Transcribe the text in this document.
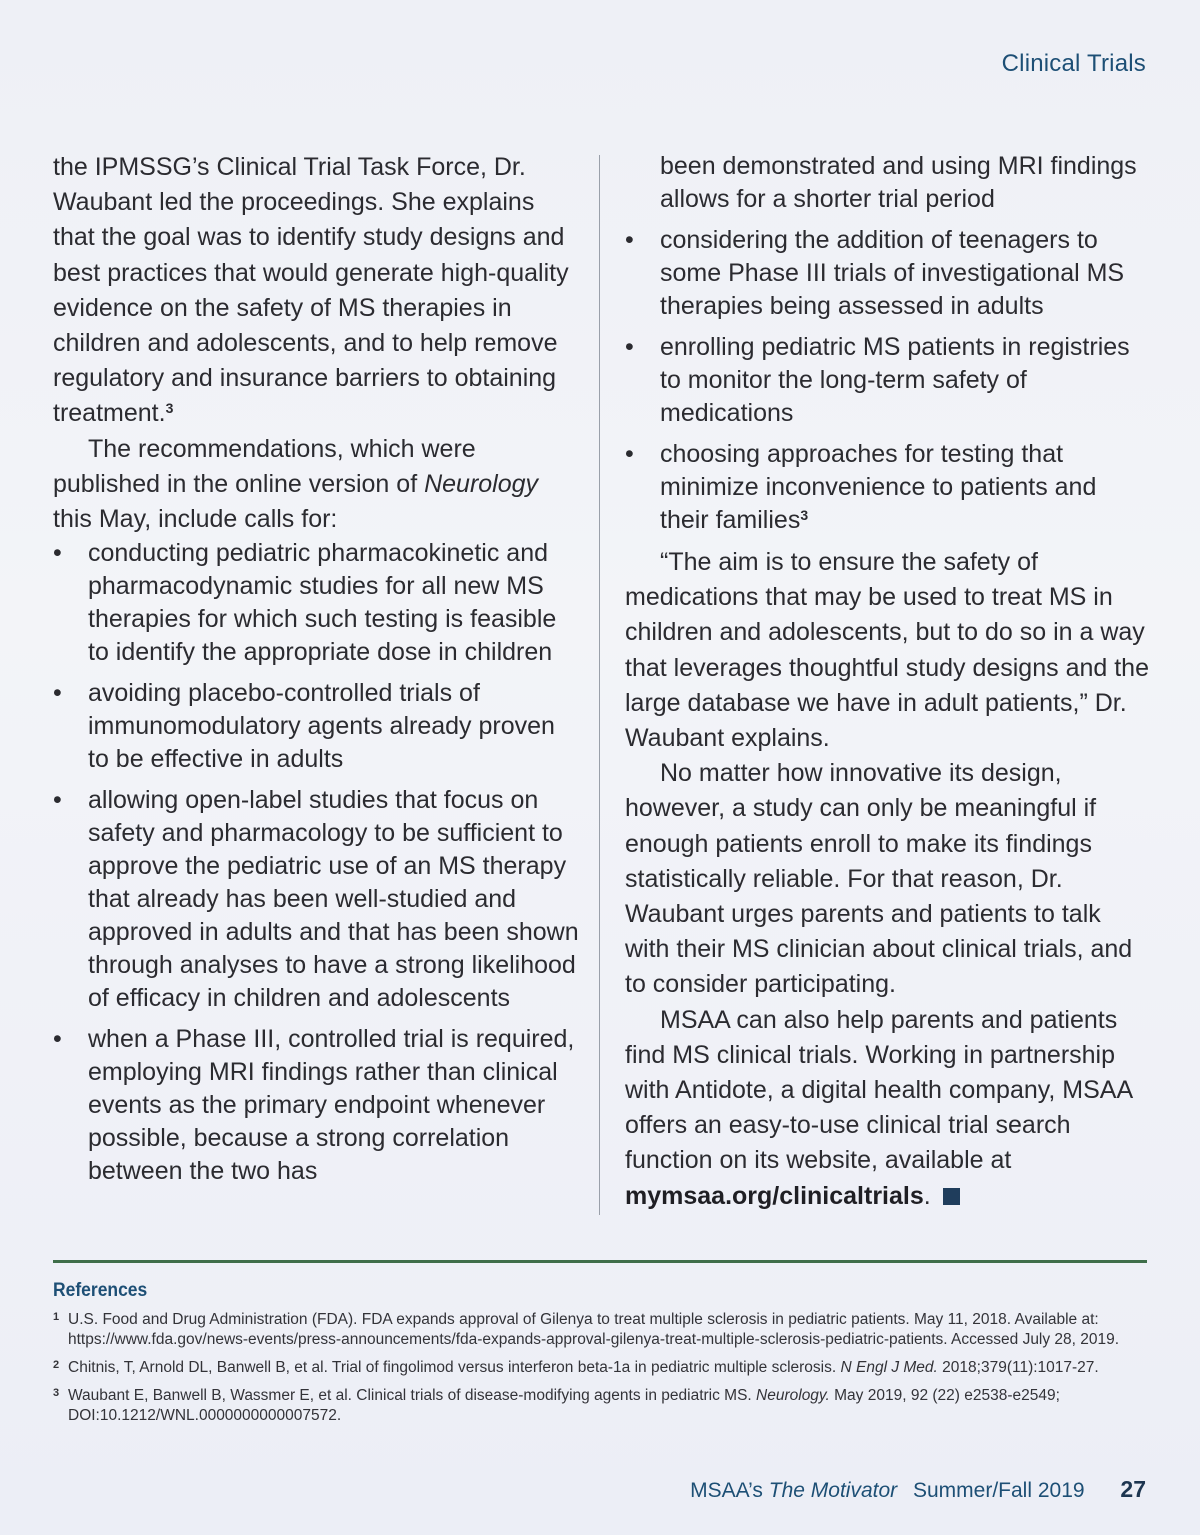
Clinical Trials

the IPMSSG’s Clinical Trial Task Force, Dr. Waubant led the proceedings. She explains that the goal was to identify study designs and best practices that would generate high-quality evidence on the safety of MS therapies in children and adolescents, and to help remove regulatory and insurance barriers to obtaining treatment.$^3$

The recommendations, which were published in the online version of Neurology this May, include calls for:

•	conducting pediatric pharmacokinetic and pharmacodynamic studies for all new MS therapies for which such testing is feasible to identify the appropriate dose in children
•	avoiding placebo-controlled trials of immunomodulatory agents already proven to be effective in adults
•	allowing open-label studies that focus on safety and pharmacology to be sufficient to approve the pediatric use of an MS therapy that already has been well-studied and approved in adults and that has been shown through analyses to have a strong likelihood of efficacy in children and adolescents
•	when a Phase III, controlled trial is required, employing MRI findings rather than clinical events as the primary endpoint whenever possible, because a strong correlation between the two has
been demonstrated and using MRI findings allows for a shorter trial period
•	considering the addition of teenagers to some Phase III trials of investigational MS therapies being assessed in adults
•	enrolling pediatric MS patients in registries to monitor the long-term safety of medications
•	choosing approaches for testing that minimize inconvenience to patients and their families$^3$

“The aim is to ensure the safety of medications that may be used to treat MS in children and adolescents, but to do so in a way that leverages thoughtful study designs and the large database we have in adult patients,” Dr. Waubant explains.

No matter how innovative its design, however, a study can only be meaningful if enough patients enroll to make its findings statistically reliable. For that reason, Dr. Waubant urges parents and patients to talk with their MS clinician about clinical trials, and to consider participating.

MSAA can also help parents and patients find MS clinical trials. Working in partnership with Antidote, a digital health company, MSAA offers an easy-to-use clinical trial search function on its website, available at mymsaa.org/clinicaltrials.

References
1 U.S. Food and Drug Administration (FDA). FDA expands approval of Gilenya to treat multiple sclerosis in pediatric patients. May 11, 2018. Available at: https://www.fda.gov/news-events/press-announcements/fda-expands-approval-gilenya-treat-multiple-sclerosis-pediatric-patients. Accessed July 28, 2019.
2 Chitnis, T, Arnold DL, Banwell B, et al. Trial of fingolimod versus interferon beta-1a in pediatric multiple sclerosis. N Engl J Med. 2018;379(11):1017-27.
3 Waubant E, Banwell B, Wassmer E, et al. Clinical trials of disease-modifying agents in pediatric MS. Neurology. May 2019, 92 (22) e2538-e2549; DOI:10.1212/WNL.0000000000007572.
MSAA’s The Motivator Summer/Fall 2019 27
